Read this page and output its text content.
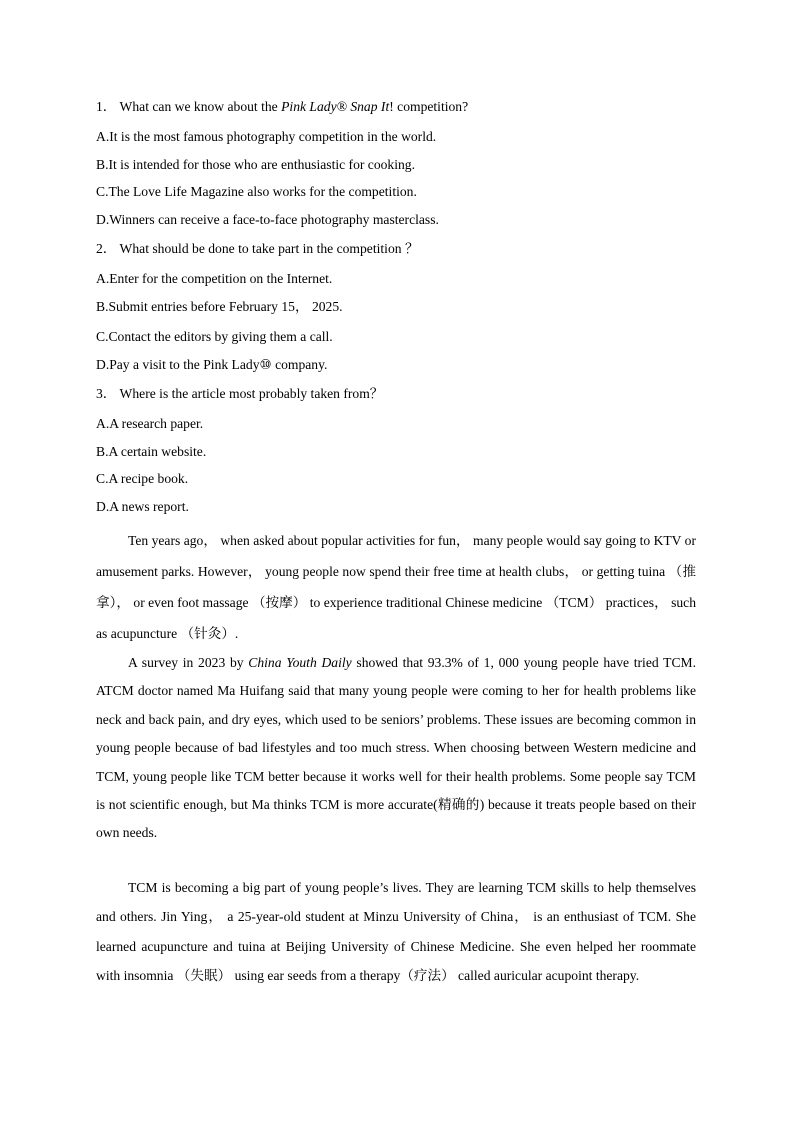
1． What can we know about the Pink Lady® Snap It! competition?
A.It is the most famous photography competition in the world.
B.It is intended for those who are enthusiastic for cooking.
C.The Love Life Magazine also works for the competition.
D.Winners can receive a face-to-face photography masterclass.
2． What should be done to take part in the competition ？
A.Enter for the competition on the Internet.
B.Submit entries before February 15， 2025.
C.Contact the editors by giving them a call.
D.Pay a visit to the Pink Lady⑩ company.
3． Where is the article most probably taken from？
A.A research paper.
B.A certain website.
C.A recipe book.
D.A news report.

Ten years ago， when asked about popular activities for fun， many people would say going to KTV or amusement parks. However， young people now spend their free time at health clubs， or getting tuina （推拿）， or even foot massage （按摩） to experience traditional Chinese medicine （TCM） practices， such as acupuncture （针灸）.

A survey in 2023 by China Youth Daily showed that 93.3% of 1, 000 young people have tried TCM. ATCM doctor named Ma Huifang said that many young people were coming to her for health problems like neck and back pain, and dry eyes, which used to be seniors’ problems. These issues are becoming common in young people because of bad lifestyles and too much stress. When choosing between Western medicine and TCM, young people like TCM better because it works well for their health problems. Some people say TCM is not scientific enough, but Ma thinks TCM is more accurate(精确的) because it treats people based on their own needs.

TCM is becoming a big part of young people’s lives. They are learning TCM skills to help themselves and others. Jin Ying， a 25-year-old student at Minzu University of China， is an enthusiast of TCM. She learned acupuncture and tuina at Beijing University of Chinese Medicine. She even helped her roommate with insomnia （失眠） using ear seeds from a therapy（疗法） called auricular acupoint therapy.
